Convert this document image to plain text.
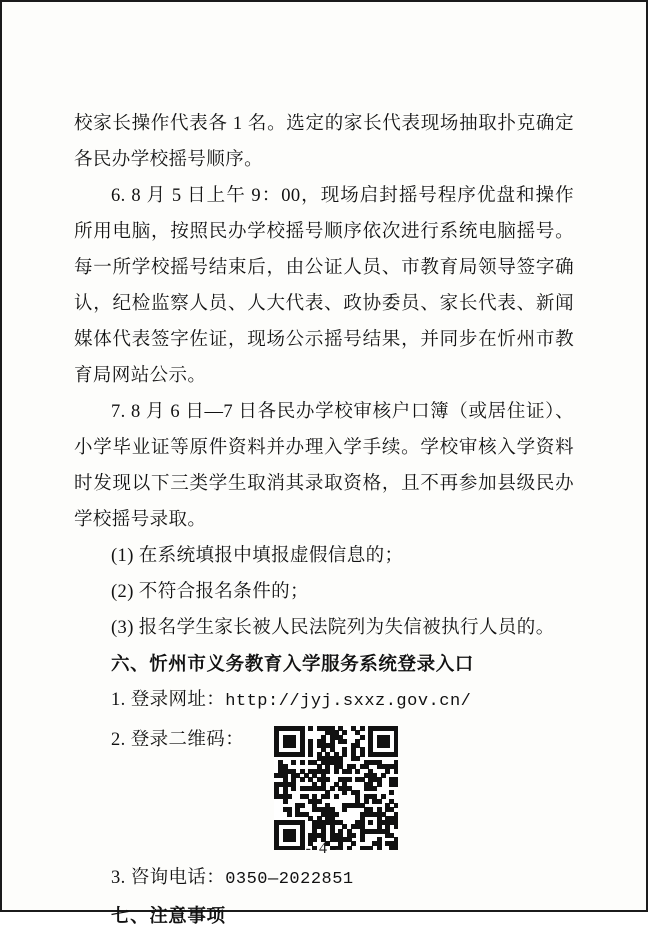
校家长操作代表各 1 名。选定的家长代表现场抽取扑克确定各民办学校摇号顺序。

6. 8 月 5 日上午 9：00，现场启封摇号程序优盘和操作所用电脑，按照民办学校摇号顺序依次进行系统电脑摇号。每一所学校摇号结束后，由公证人员、市教育局领导签字确认，纪检监察人员、人大代表、政协委员、家长代表、新闻媒体代表签字佐证，现场公示摇号结果，并同步在忻州市教育局网站公示。

7. 8 月 6 日—7 日各民办学校审核户口簿（或居住证）、小学毕业证等原件资料并办理入学手续。学校审核入学资料时发现以下三类学生取消其录取资格，且不再参加县级民办学校摇号录取。

(1) 在系统填报中填报虚假信息的；

(2) 不符合报名条件的；

(3) 报名学生家长被人民法院列为失信被执行人员的。

六、忻州市义务教育入学服务系统登录入口

1. 登录网址：http://jyj.sxxz.gov.cn/

2. 登录二维码：

3. 咨询电话：0350—2022851

七、注意事项

- 4 -
